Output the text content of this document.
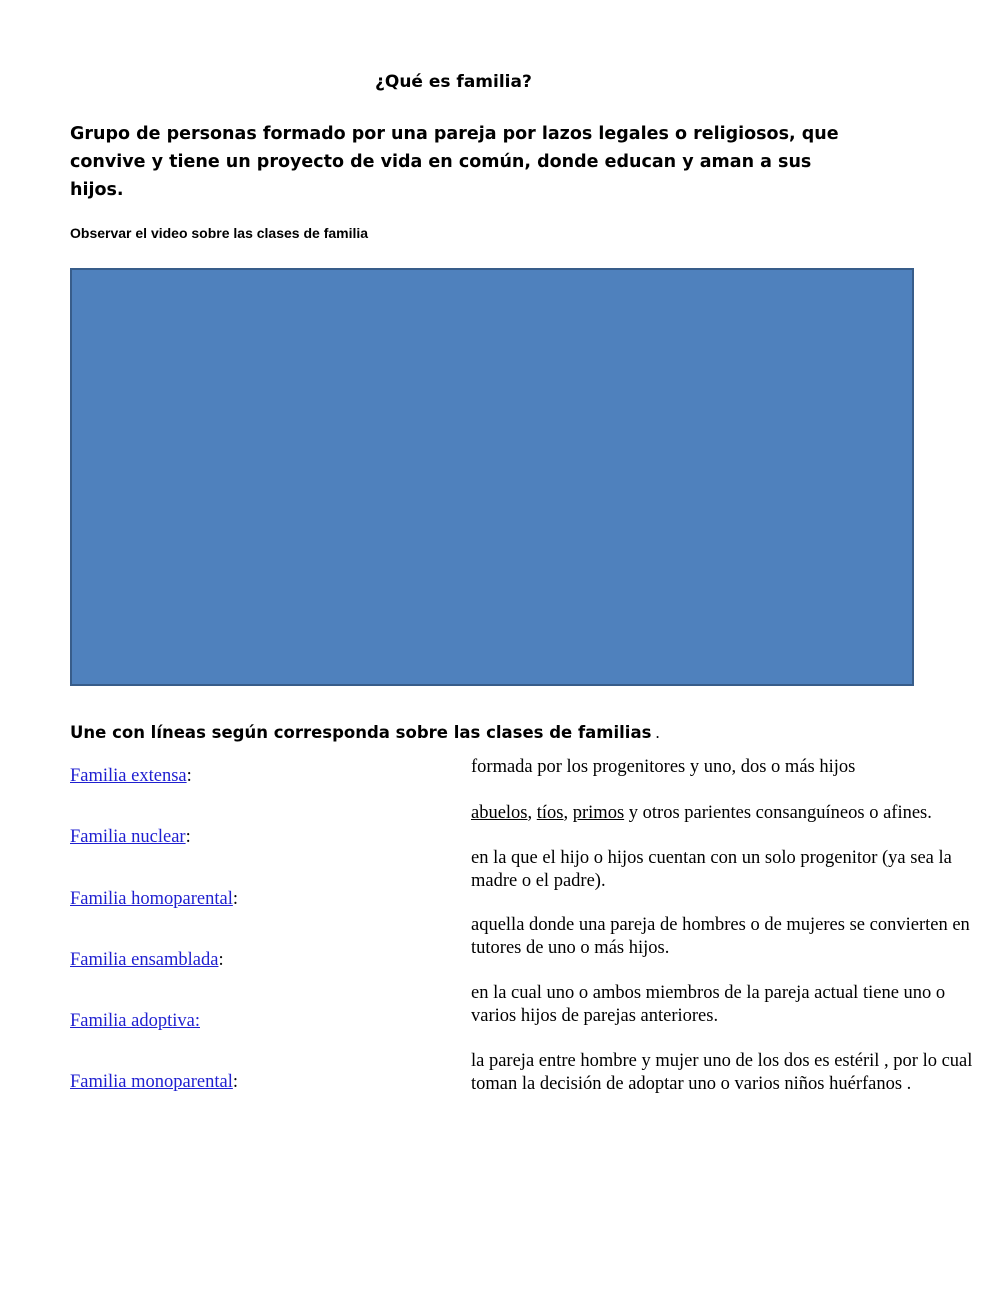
¿Qué es familia?

Grupo de personas formado por una pareja por lazos legales o religiosos, que convive y tiene un proyecto de vida en común, donde educan y aman a sus hijos.

Observar el video sobre las clases de familia
Une con líneas según corresponda sobre las clases de familias .
Familia extensa:
Familia nuclear:
Familia homoparental:
Familia ensamblada:
Familia adoptiva:
Familia monoparental:

formada por los progenitores y uno, dos o más hijos

abuelos, tíos, primos y otros parientes consanguíneos o afines.

en la que el hijo o hijos cuentan con un solo progenitor (ya sea la madre o el padre).

aquella donde una pareja de hombres o de mujeres se convierten en tutores de uno o más hijos.

en la cual uno o ambos miembros de la pareja actual tiene uno o varios hijos de parejas anteriores.

la pareja entre hombre y mujer uno de los dos es estéril , por lo cual toman la decisión de adoptar uno o varios niños huérfanos .
